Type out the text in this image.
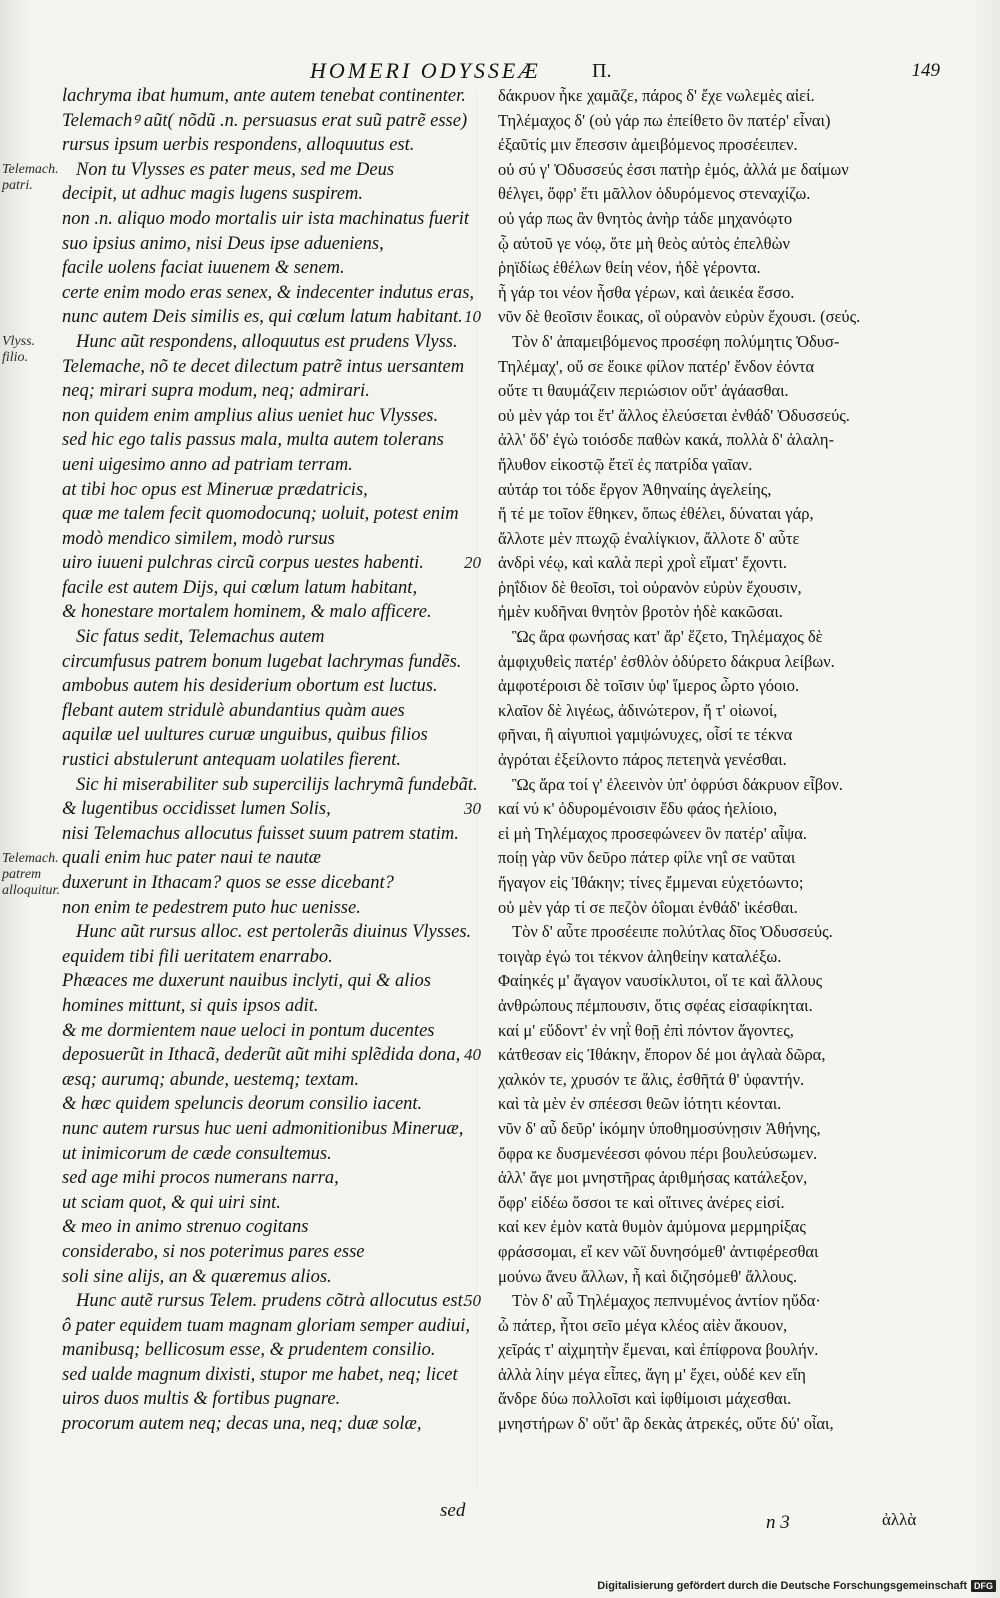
HOMERI ODYSSEÆ	Π.	149
Telemach. patri.
Vlyss. filio.
Telemach. patrem alloquitur.
lachryma ibat humum, ante autem tenebat continenter.
Telemachꝰ aũt( nõdũ .n. persuasus erat suũ patrẽ esse)
rursus ipsum uerbis respondens, alloquutus est.
Non tu Vlysses es pater meus, sed me Deus
decipit, ut adhuc magis lugens suspirem.
non .n. aliquo modo mortalis uir ista machinatus fuerit
suo ipsius animo, nisi Deus ipse aduenienѕ,
facile uolens faciat iuuenem & senem.
certe enim modo eras senex, & indecenter indutus eras,
nunc autem Deis similis es, qui cœlum latum habitant.
Hunc aũt respondens, alloquutus est prudens Vlyss.
Telemache, nõ te decet dilectum patrẽ intus uersantem
neq; mirari supra modum, neq; admirari.
non quidem enim amplius alius ueniet huc Vlysses.
sed hic ego talis passus mala, multa autem tolerans
ueni uigesimo anno ad patriam terram.
at tibi hoc opus est Mineruæ prædatricis,
quæ me talem fecit quomodocunq; uoluit, potest enim
modò mendico similem, modò rursus
uiro iuueni pulchras circũ corpus uestes habenti.
facile est autem Dijs, qui cœlum latum habitant,
& honestare mortalem hominem, & malo afficere.
Sic fatus sedit, Telemachus autem
circumfusus patrem bonum lugebat lachrymas fundẽs.
ambobus autem his desiderium obortum est luctus.
flebant autem stridulè abundantius quàm aues
aquilæ uel uultures curuæ unguibus, quibus filios
rustici abstulerunt antequam uolatiles fierent.
Sic hi miserabiliter sub supercilijs lachrymã fundebãt.
& lugentibus occidisset lumen Solis,
nisi Telemachus allocutus fuisset suum patrem statim.
quali enim huc pater naui te nautæ
duxerunt in Ithacam? quos se esse dicebant?
non enim te pedestrem puto huc uenisse.
Hunc aũt rursus alloc. est pertolerãs diuinus Vlysses.
equidem tibi fili ueritatem enarrabo.
Phæaces me duxerunt nauibus inclyti, qui & alios
homines mittunt, si quis ipsos adit.
& me dormientem naue ueloci in pontum ducentes
deposuerũt in Ithacã, dederũt aũt mihi splẽdida dona,
æsq; aurumq; abunde, uestemq; textam.
& hæc quidem speluncis deorum consilio iacent.
nunc autem rursus huc ueni admonitionibus Mineruæ,
ut inimicorum de cæde consultemus.
sed age mihi procos numerans narra,
ut sciam quot, & qui uiri sint.
& meo in animo strenuo cogitans
considerabo, si nos poterimus pares esse
soli sine alijs, an & quæremus alios.
Hunc autẽ rursus Telem. prudens cõtrà allocutus est.
ô pater equidem tuam magnam gloriam semper audiui,
manibusq; bellicosum esse, & prudentem consilio.
sed ualde magnum dixisti, stupor me habet, neq; licet
uiros duos multis & fortibus pugnare.
procorum autem neq; decas una, neq; duæ solæ,
10
20
30
40
50
δάκρυον ἧκε χαμᾶζε, πάρος δ' ἔχε νωλεμὲς αἰεί.
Τηλέμαχος δ' (οὐ γάρ πω ἐπείθετο ὃν πατέρ' εἶναι)
ἐξαῦτίς μιν ἔπεσσιν ἀμειβόμενος προσέειπεν.
οὐ σύ γ' Ὀδυσσεύς ἐσσι πατὴρ ἐμός, ἀλλά με δαίμων
θέλγει, ὄφρ' ἔτι μᾶλλον ὀδυρόμενος στεναχίζω.
οὐ γάρ πως ἂν θνητὸς ἀνὴρ τάδε μηχανόῳτο
ᾧ αὐτοῦ γε νόῳ, ὅτε μὴ θεὸς αὐτὸς ἐπελθὼν
ῥηϊδίως ἐθέλων θείη νέον, ἠδὲ γέροντα.
ἦ γάρ τοι νέον ἦσθα γέρων, καὶ ἀεικέα ἕσσο.
νῦν δὲ θεοῖσιν ἔοικας, οἳ οὐρανὸν εὐρὺν ἔχουσι. (σεύς.
Τὸν δ' ἀπαμειβόμενος προσέφη πολύμητις Ὀδυσ-
Τηλέμαχ', οὔ σε ἔοικε φίλον πατέρ' ἔνδον ἐόντα
οὔτε τι θαυμάζειν περιώσιον οὔτ' ἀγάασθαι.
οὐ μὲν γάρ τοι ἔτ' ἄλλος ἐλεύσεται ἐνθάδ' Ὀδυσσεύς.
ἀλλ' ὅδ' ἐγὼ τοιόσδε παθὼν κακά, πολλὰ δ' ἀλαλη-
ἤλυθον εἰκοστῷ ἔτεϊ ἐς πατρίδα γαῖαν.
αὐτάρ τοι τόδε ἔργον Ἀθηναίης ἀγελείης,
ἥ τέ με τοῖον ἔθηκεν, ὅπως ἐθέλει, δύναται γάρ,
ἄλλοτε μὲν πτωχῷ ἐναλίγκιον, ἄλλοτε δ' αὖτε
ἀνδρὶ νέῳ, καὶ καλὰ περὶ χροῒ εἵματ' ἔχοντι.
ῥηΐδιον δὲ θεοῖσι, τοὶ οὐρανὸν εὐρὺν ἔχουσιν,
ἠμὲν κυδῆναι θνητὸν βροτὸν ἠδὲ κακῶσαι.
Ὣς ἄρα φωνήσας κατ' ἄρ' ἕζετο, Τηλέμαχος δὲ
ἀμφιχυθεὶς πατέρ' ἐσθλὸν ὀδύρετο δάκρυα λείβων.
ἀμφοτέροισι δὲ τοῖσιν ὑφ' ἵμερος ὦρτο γόοιο.
κλαῖον δὲ λιγέως, ἀδινώτερον, ἤ τ' οἰωνοί,
φῆναι, ἢ αἰγυπιοὶ γαμψώνυχες, οἷσί τε τέκνα
ἀγρόται ἐξείλοντο πάρος πετεηνὰ γενέσθαι.
Ὣς ἄρα τοί γ' ἐλεεινὸν ὑπ' ὀφρύσι δάκρυον εἶβον.
καί νύ κ' ὀδυρομένοισιν ἔδυ φάος ἠελίοιο,
εἰ μὴ Τηλέμαχος προσεφώνεεν ὃν πατέρ' αἶψα.
ποίῃ γὰρ νῦν δεῦρο πάτερ φίλε νηΐ σε ναῦται
ἤγαγον εἰς Ἰθάκην; τίνες ἔμμεναι εὐχετόωντο;
οὐ μὲν γάρ τί σε πεζὸν ὀΐομαι ἐνθάδ' ἱκέσθαι.
Τὸν δ' αὖτε προσέειπε πολύτλας δῖος Ὀδυσσεύς.
τοιγὰρ ἐγώ τοι τέκνον ἀληθείην καταλέξω.
Φαίηκές μ' ἄγαγον ναυσίκλυτοι, οἵ τε καὶ ἄλλους
ἀνθρώπους πέμπουσιν, ὅτις σφέας εἰσαφίκηται.
καί μ' εὕδοντ' ἐν νηῒ θοῇ ἐπὶ πόντον ἄγοντες,
κάτθεσαν εἰς Ἰθάκην, ἔπορον δέ μοι ἀγλαὰ δῶρα,
χαλκόν τε, χρυσόν τε ἅλις, ἐσθῆτά θ' ὑφαντήν.
καὶ τὰ μὲν ἐν σπέεσσι θεῶν ἰότητι κέονται.
νῦν δ' αὖ δεῦρ' ἱκόμην ὑποθημοσύνῃσιν Ἀθήνης,
ὄφρα κε δυσμενέεσσι φόνου πέρι βουλεύσωμεν.
ἀλλ' ἄγε μοι μνηστῆρας ἀριθμήσας κατάλεξον,
ὄφρ' εἰδέω ὅσσοι τε καὶ οἵτινες ἀνέρες εἰσί.
καί κεν ἐμὸν κατὰ θυμὸν ἀμύμονα μερμηρίξας
φράσσομαι, εἴ κεν νῶϊ δυνησόμεθ' ἀντιφέρεσθαι
μούνω ἄνευ ἄλλων, ἦ καὶ διζησόμεθ' ἄλλους.
Τὸν δ' αὖ Τηλέμαχος πεπνυμένος ἀντίον ηὔδα·
ὦ πάτερ, ἦτοι σεῖο μέγα κλέος αἰὲν ἄκουον,
χεῖράς τ' αἰχμητὴν ἔμεναι, καὶ ἐπίφρονα βουλήν.
ἀλλὰ λίην μέγα εἶπες, ἄγη μ' ἔχει, οὐδέ κεν εἴη
ἄνδρε δύω πολλοῖσι καὶ ἰφθίμοισι μάχεσθαι.
μνηστήρων δ' οὔτ' ἂρ δεκὰς ἀτρεκές, οὔτε δύ' οἶαι,
sed
n 3	ἀλλὰ
Digitalisierung gefördert durch die Deutsche Forschungsgemeinschaft DFG
